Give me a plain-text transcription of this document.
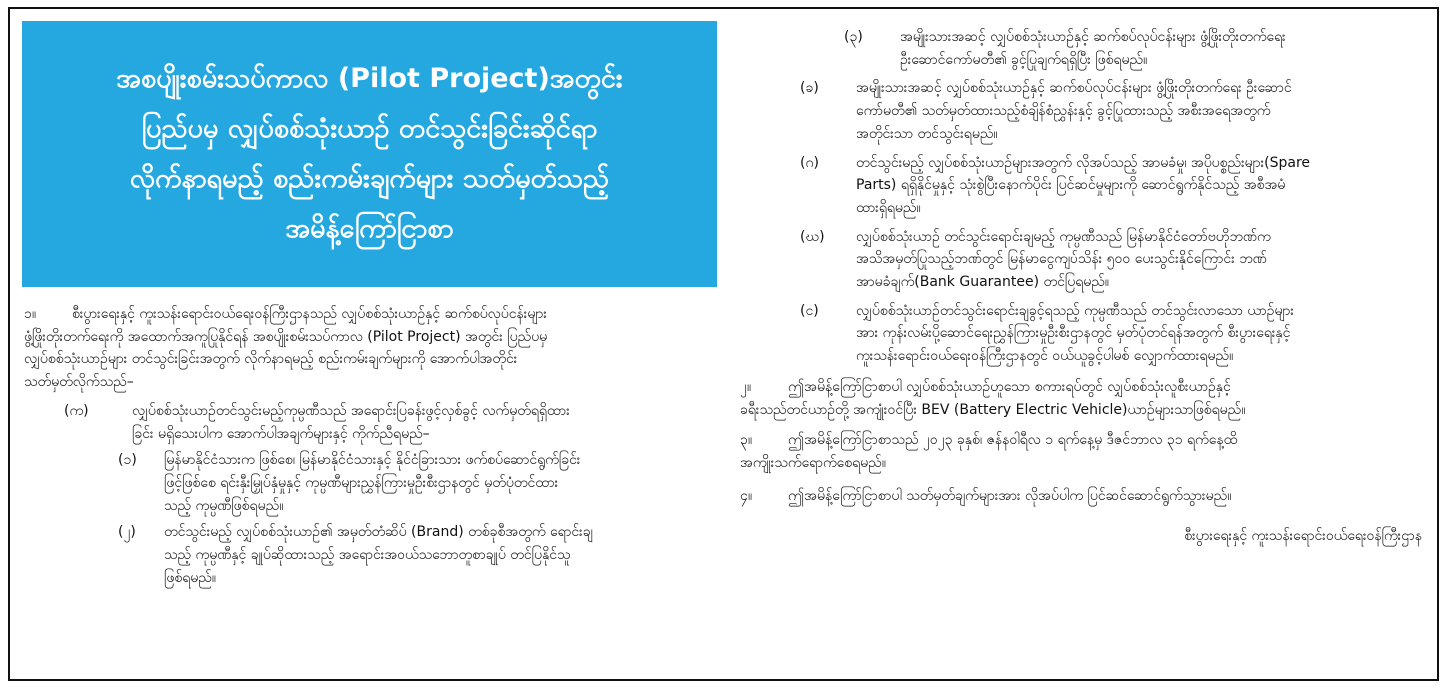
အစပျိုးစမ်းသပ်ကာလ (Pilot Project)အတွင်း
ပြည်ပမှ လျှပ်စစ်သုံးယာဉ် တင်သွင်းခြင်းဆိုင်ရာ
လိုက်နာရမည့် စည်းကမ်းချက်များ သတ်မှတ်သည့်
အမိန့်ကြော်ငြာစာ

၁။	စီးပွားရေးနှင့် ကူးသန်းရောင်းဝယ်ရေးဝန်ကြီးဌာနသည် လျှပ်စစ်သုံးယာဉ်နှင့် ဆက်စပ်လုပ်ငန်းများ

ဖွံ့ဖြိုးတိုးတက်ရေးကို အထောက်အကူပြုနိုင်ရန် အစပျိုးစမ်းသပ်ကာလ (Pilot Project) အတွင်း ပြည်ပမှ

လျှပ်စစ်သုံးယာဉ်များ တင်သွင်းခြင်းအတွက် လိုက်နာရမည့် စည်းကမ်းချက်များကို အောက်ပါအတိုင်း

သတ်မှတ်လိုက်သည်–

(က)	လျှပ်စစ်သုံးယာဉ်တင်သွင်းမည့်ကုမ္ပဏီသည် အရောင်းပြခန်းဖွင့်လှစ်ခွင့် လက်မှတ်ရရှိထား

ခြင်း မရှိသေးပါက အောက်ပါအချက်များနှင့် ကိုက်ညီရမည်–

(၁)	မြန်မာနိုင်ငံသားက ဖြစ်စေ၊ မြန်မာနိုင်ငံသားနှင့် နိုင်ငံခြားသား ဖက်စပ်ဆောင်ရွက်ခြင်း

ဖြင့်ဖြစ်စေ ရင်းနှီးမြှုပ်နှံမှုနှင့် ကုမ္ပဏီများညွှန်ကြားမှုဦးစီးဌာနတွင် မှတ်ပုံတင်ထား

သည့် ကုမ္ပဏီဖြစ်ရမည်။

(၂)	တင်သွင်းမည့် လျှပ်စစ်သုံးယာဉ်၏ အမှတ်တံဆိပ် (Brand) တစ်ခုစီအတွက် ရောင်းချ

သည့် ကုမ္ပဏီနှင့် ချုပ်ဆိုထားသည့် အရောင်းအဝယ်သဘောတူစာချုပ် တင်ပြနိုင်သူ

ဖြစ်ရမည်။

(၃)	အမျိုးသားအဆင့် လျှပ်စစ်သုံးယာဉ်နှင့် ဆက်စပ်လုပ်ငန်းများ ဖွံ့ဖြိုးတိုးတက်ရေး

ဦးဆောင်ကော်မတီ၏ ခွင့်ပြုချက်ရရှိပြီး ဖြစ်ရမည်။

(ခ)	အမျိုးသားအဆင့် လျှပ်စစ်သုံးယာဉ်နှင့် ဆက်စပ်လုပ်ငန်းများ ဖွံ့ဖြိုးတိုးတက်ရေး ဦးဆောင်

ကော်မတီ၏ သတ်မှတ်ထားသည့်စံချိန်စံညွှန်းနှင့် ခွင့်ပြုထားသည့် အစီးအရေအတွက်

အတိုင်းသာ တင်သွင်းရမည်။

(ဂ)	တင်သွင်းမည့် လျှပ်စစ်သုံးယာဉ်များအတွက် လိုအပ်သည့် အာမခံမှု၊ အပိုပစ္စည်းများ(Spare

Parts) ရရှိနိုင်မှုနှင့် သုံးစွဲပြီးနောက်ပိုင်း ပြင်ဆင်မှုများကို ဆောင်ရွက်နိုင်သည့် အစီအမံ

ထားရှိရမည်။

(ဃ)	လျှပ်စစ်သုံးယာဉ် တင်သွင်းရောင်းချမည့် ကုမ္ပဏီသည် မြန်မာနိုင်ငံတော်ဗဟိုဘဏ်က

အသိအမှတ်ပြုသည့်ဘဏ်တွင် မြန်မာငွေကျပ်သိန်း ၅၀၀ ပေးသွင်းနိုင်ကြောင်း ဘဏ်

အာမခံချက်(Bank Guarantee) တင်ပြရမည်။

(င)	လျှပ်စစ်သုံးယာဉ်တင်သွင်းရောင်းချခွင့်ရသည့် ကုမ္ပဏီသည် တင်သွင်းလာသော ယာဉ်များ

အား ကုန်းလမ်းပို့ဆောင်ရေးညွှန်ကြားမှုဦးစီးဌာနတွင် မှတ်ပုံတင်ရန်အတွက် စီးပွားရေးနှင့်

ကူးသန်းရောင်းဝယ်ရေးဝန်ကြီးဌာနတွင် ဝယ်ယူခွင့်ပါမစ် လျှောက်ထားရမည်။

၂။	ဤအမိန့်ကြော်ငြာစာပါ လျှပ်စစ်သုံးယာဉ်ဟူသော စကားရပ်တွင် လျှပ်စစ်သုံးလူစီးယာဉ်နှင့်

ခရီးသည်တင်ယာဉ်တို့ အကျုံးဝင်ပြီး BEV (Battery Electric Vehicle)ယာဉ်များသာဖြစ်ရမည်။

၃။	ဤအမိန့်ကြော်ငြာစာသည် ၂၀၂၃ ခုနှစ်၊ ဇန်နဝါရီလ ၁ ရက်နေ့မှ ဒီဇင်ဘာလ ၃၁ ရက်နေ့ထိ

အကျိုးသက်ရောက်စေရမည်။

၄။	ဤအမိန့်ကြော်ငြာစာပါ သတ်မှတ်ချက်များအား လိုအပ်ပါက ပြင်ဆင်ဆောင်ရွက်သွားမည်။

စီးပွားရေးနှင့် ကူးသန်းရောင်းဝယ်ရေးဝန်ကြီးဌာန
